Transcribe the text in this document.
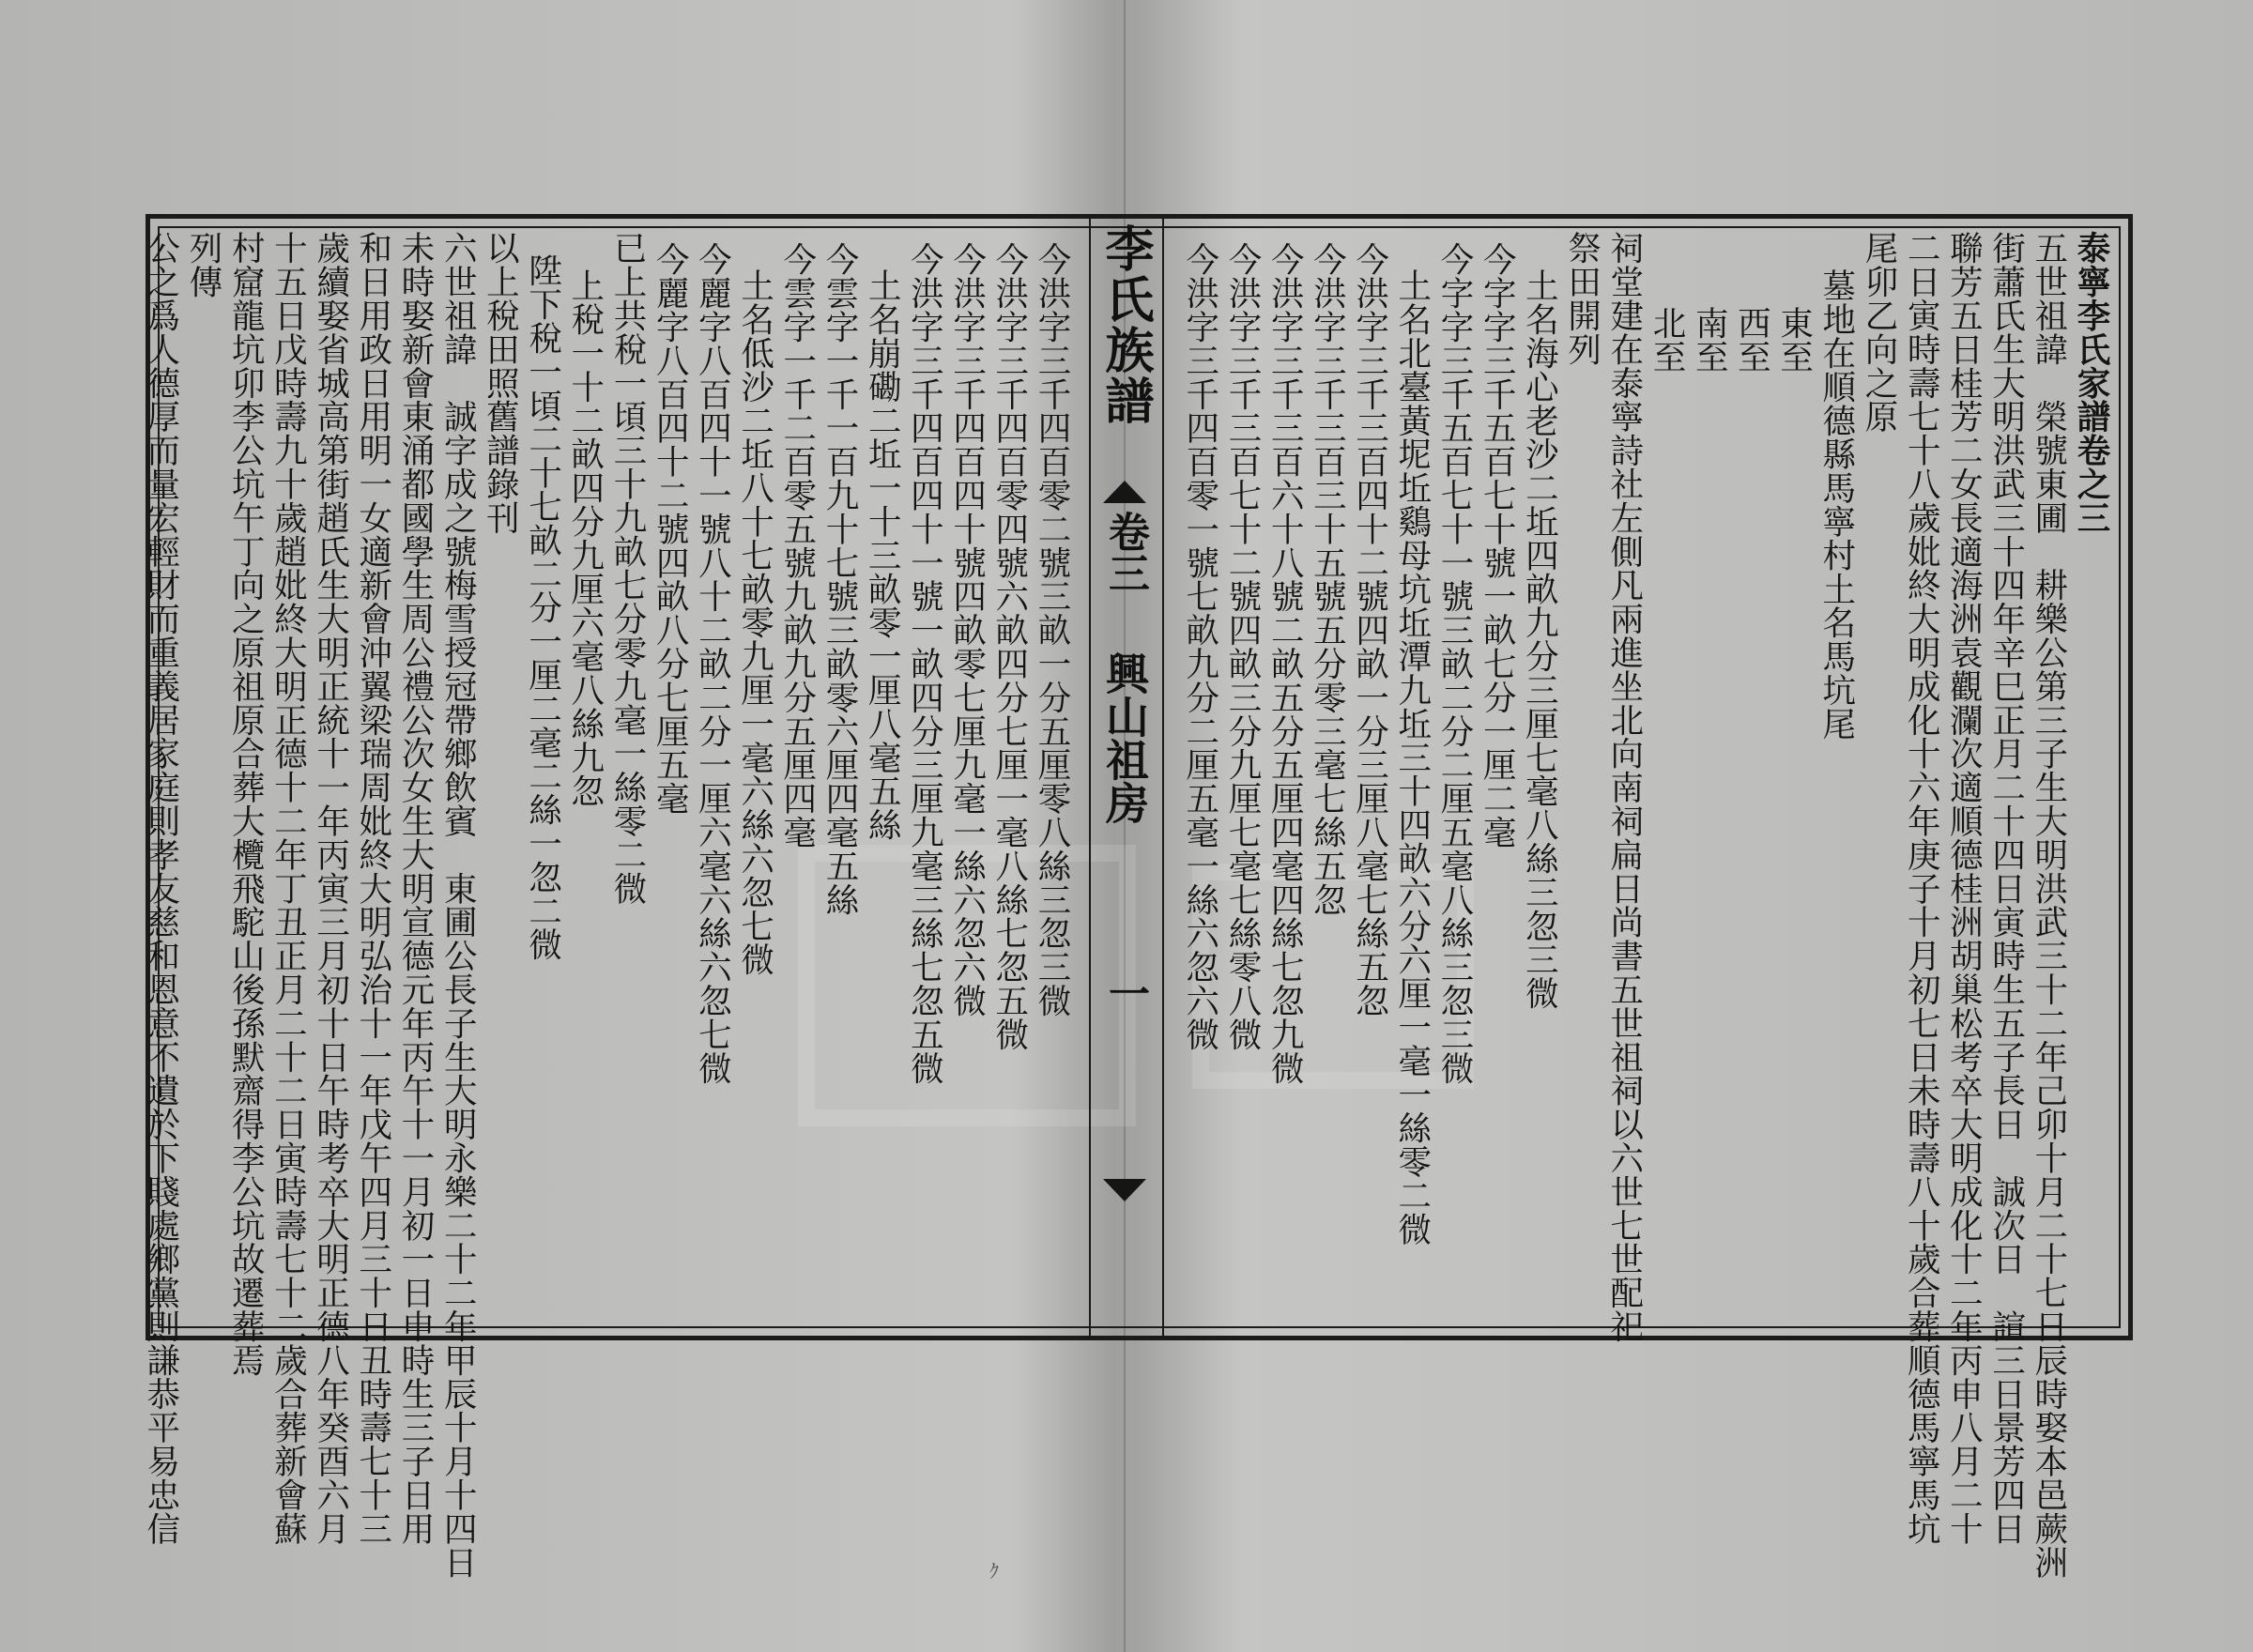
李氏族譜
卷三
興山祖房
一
泰寧李氏家譜卷之三
五世祖諱　榮號東圃　耕樂公第三子生大明洪武三十二年己卯十月二十七日辰時娶本邑蕨洲
街蕭氏生大明洪武三十四年辛巳正月二十四日寅時生五子長日　誠次日　諠三日景芳四日
聯芳五日桂芳二女長適海洲袁觀瀾次適順德桂洲胡巢松考卒大明成化十二年丙申八月二十
二日寅時壽七十八歲妣終大明成化十六年庚子十月初七日未時壽八十歲合葬順德馬寧馬坑
尾卯乙向之原
墓地在順德縣馬寧村土名馬坑尾
東至
西至
南至
北至
祠堂建在泰寧詩社左側凡兩進坐北向南祠扁日尚書五世祖祠以六世七世配祀
祭田開列
土名海心老沙二坵四畝九分三厘七毫八絲三忽三微
今字字三千五百七十號一畝七分一厘二毫
今字字三千五百七十一號三畝二分二厘五毫八絲三忽三微
土名北臺黃坭坵鷄母坑坵潭九坵三十四畝六分六厘一毫一絲零二微
今洪字三千三百四十二號四畝一分三厘八毫七絲五忽
今洪字三千三百三十五號五分零三毫七絲五忽
今洪字三千三百六十八號二畝五分五厘四毫四絲七忽九微
今洪字三千三百七十二號四畝三分九厘七毫七絲零八微
今洪字三千四百零一號七畝九分二厘五毫一絲六忽六微
今洪字三千四百零二號三畝一分五厘零八絲三忽三微
今洪字三千四百零四號六畝四分七厘一毫八絲七忽五微
今洪字三千四百四十號四畝零七厘九毫一絲六忽六微
今洪字三千四百四十一號一畝四分三厘九毫三絲七忽五微
土名崩磡二坵一十三畝零一厘八毫五絲
今雲字一千一百九十七號三畝零六厘四毫五絲
今雲字一千二百零五號九畝九分五厘四毫
土名低沙二坵八十七畝零九厘一毫六絲六忽七微
今麗字八百四十一號八十二畝二分一厘六毫六絲六忽七微
今麗字八百四十二號四畝八分七厘五毫
已上共稅一頃三十九畝七分零九毫一絲零二微
上稅一十二畝四分九厘六毫八絲九忽
陞下稅一頃二十七畝二分一厘二毫二絲一忽二微
以上稅田照舊譜錄刊
六世祖諱　誠字成之號梅雪授冠帶鄉飲賓　東圃公長子生大明永樂二十二年甲辰十月十四日
未時娶新會東涌都國學生周公禮公次女生大明宣德元年丙午十一月初一日申時生三子日用
和日用政日用明一女適新會沖翼梁瑞周妣終大明弘治十一年戊午四月三十日丑時壽七十三
歲續娶省城高第街趙氏生大明正統十一年丙寅三月初十日午時考卒大明正德八年癸酉六月
十五日戊時壽九十歲趙妣終大明正德十二年丁丑正月二十二日寅時壽七十二歲合葬新會蘇
村窟龍坑卯李公坑午丁向之原祖原合葬大欖飛駝山後孫默齋得李公坑故遷葬焉
列傳
公之爲人德厚而量宏輕財而重義居家庭則孝友慈和恩意不遺於下賤處鄉黨則謙恭平易忠信
ｸ
